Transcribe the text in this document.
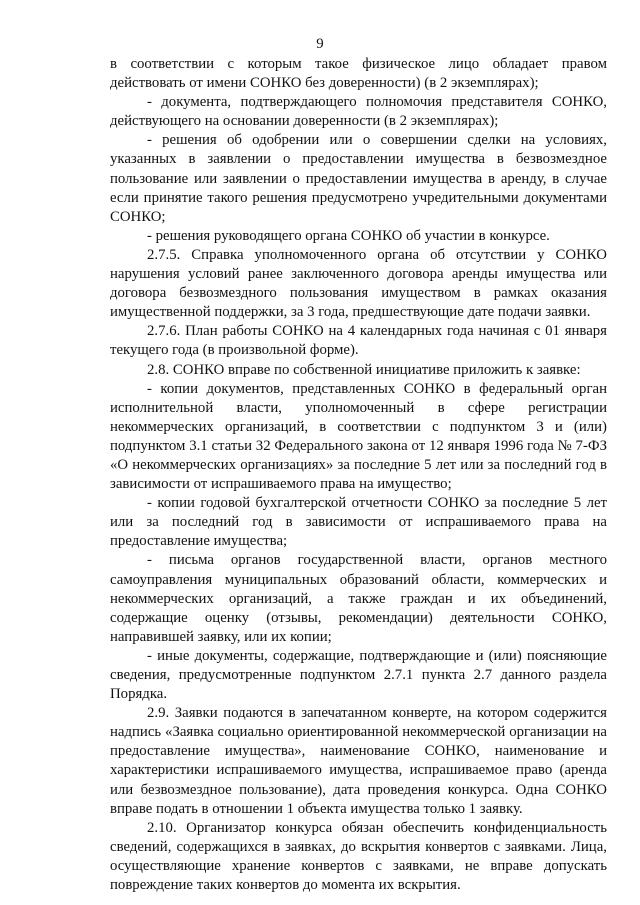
9

в соответствии с которым такое физическое лицо обладает правом действовать от имени СОНКО без доверенности) (в 2 экземплярах);

- документа, подтверждающего полномочия представителя СОНКО, действующего на основании доверенности (в 2 экземплярах);

- решения об одобрении или о совершении сделки на условиях, указанных в заявлении о предоставлении имущества в безвозмездное пользование или заявлении о предоставлении имущества в аренду, в случае если принятие такого решения предусмотрено учредительными документами СОНКО;

- решения руководящего органа СОНКО об участии в конкурсе.

2.7.5. Справка уполномоченного органа об отсутствии у СОНКО нарушения условий ранее заключенного договора аренды имущества или договора безвозмездного пользования имуществом в рамках оказания имущественной поддержки, за 3 года, предшествующие дате подачи заявки.

2.7.6. План работы СОНКО на 4 календарных года начиная с 01 января текущего года (в произвольной форме).

2.8. СОНКО вправе по собственной инициативе приложить к заявке:

- копии документов, представленных СОНКО в федеральный орган исполнительной власти, уполномоченный в сфере регистрации некоммерческих организаций, в соответствии с подпунктом 3 и (или) подпунктом 3.1 статьи 32 Федерального закона от 12 января 1996 года № 7-ФЗ «О некоммерческих организациях» за последние 5 лет или за последний год в зависимости от испрашиваемого права на имущество;

- копии годовой бухгалтерской отчетности СОНКО за последние 5 лет или за последний год в зависимости от испрашиваемого права на предоставление имущества;

- письма органов государственной власти, органов местного самоуправления муниципальных образований области, коммерческих и некоммерческих организаций, а также граждан и их объединений, содержащие оценку (отзывы, рекомендации) деятельности СОНКО, направившей заявку, или их копии;

- иные документы, содержащие, подтверждающие и (или) поясняющие сведения, предусмотренные подпунктом 2.7.1 пункта 2.7 данного раздела Порядка.

2.9. Заявки подаются в запечатанном конверте, на котором содержится надпись «Заявка социально ориентированной некоммерческой организации на предоставление имущества», наименование СОНКО, наименование и характеристики испрашиваемого имущества, испрашиваемое право (аренда или безвозмездное пользование), дата проведения конкурса. Одна СОНКО вправе подать в отношении 1 объекта имущества только 1 заявку.

2.10. Организатор конкурса обязан обеспечить конфиденциальность сведений, содержащихся в заявках, до вскрытия конвертов с заявками. Лица, осуществляющие хранение конвертов с заявками, не вправе допускать повреждение таких конвертов до момента их вскрытия.
